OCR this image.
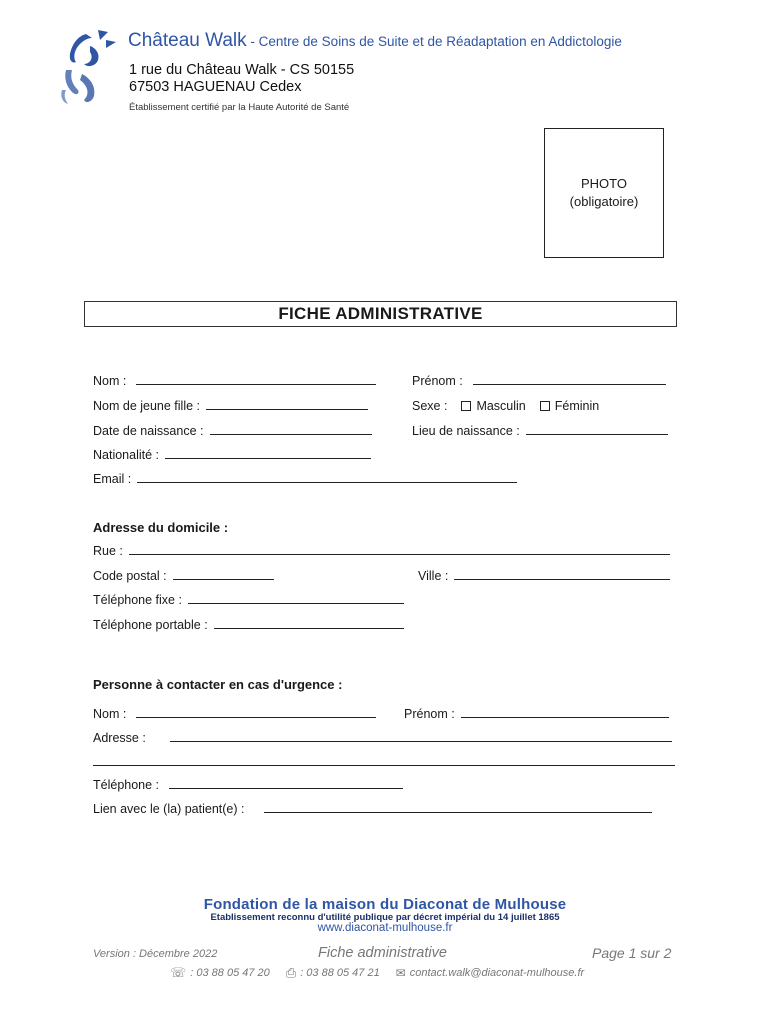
Château Walk - Centre de Soins de Suite et de Réadaptation en Addictologie
1 rue du Château Walk - CS 50155
67503 HAGUENAU Cedex
Établissement certifié par la Haute Autorité de Santé
PHOTO
(obligatoire)
FICHE ADMINISTRATIVE
Nom :	Prénom :
Nom de jeune fille :	Sexe : Masculin Féminin
Date de naissance :	Lieu de naissance :
Nationalité :
Email :
Adresse du domicile :
Rue :
Code postal :	Ville :
Téléphone fixe :
Téléphone portable :
Personne à contacter en cas d'urgence :
Nom :	Prénom :
Adresse :
Téléphone :
Lien avec le (la) patient(e) :
Fondation de la maison du Diaconat de Mulhouse
Etablissement reconnu d'utilité publique par décret impérial du 14 juillet 1865
www.diaconat-mulhouse.fr
Version : Décembre 2022	Fiche administrative	Page 1 sur 2
☏ : 03 88 05 47 20 ⎙ : 03 88 05 47 21 ✉ contact.walk@diaconat-mulhouse.fr
